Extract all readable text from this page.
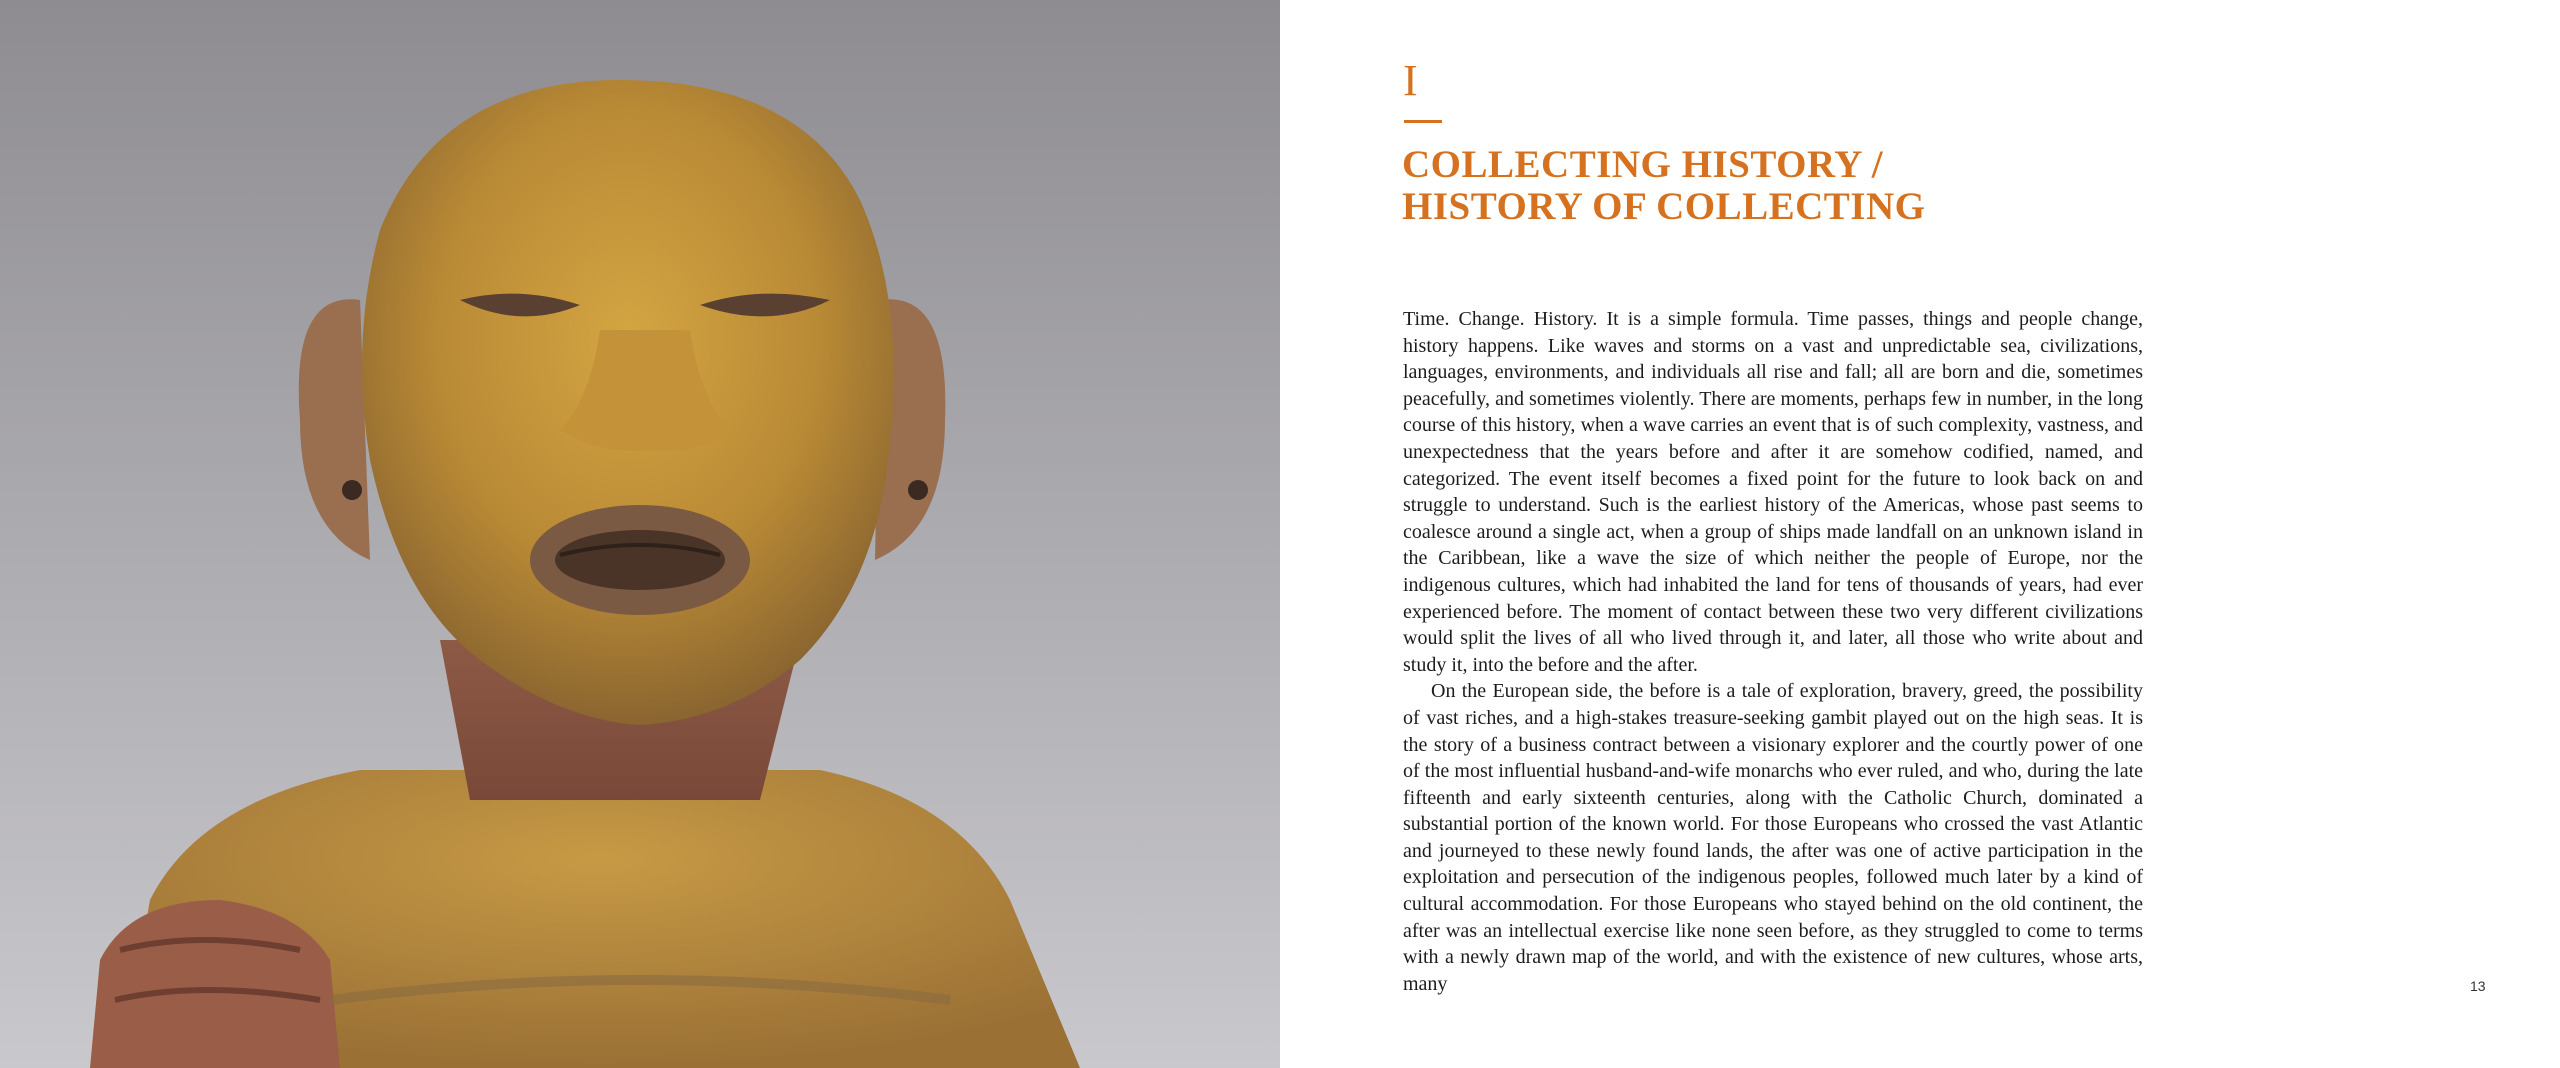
I
COLLECTING HISTORY /
HISTORY OF COLLECTING

Time. Change. History. It is a simple formula. Time passes, things and people change, history happens. Like waves and storms on a vast and unpredictable sea, civilizations, languages, environments, and individuals all rise and fall; all are born and die, sometimes peacefully, and sometimes violently. There are moments, perhaps few in number, in the long course of this history, when a wave carries an event that is of such complexity, vastness, and unexpectedness that the years before and after it are somehow codified, named, and categorized. The event itself becomes a fixed point for the future to look back on and struggle to understand. Such is the earliest history of the Americas, whose past seems to coalesce around a single act, when a group of ships made landfall on an unknown island in the Caribbean, like a wave the size of which neither the people of Europe, nor the indigenous cultures, which had inhabited the land for tens of thousands of years, had ever experienced before. The moment of contact between these two very different civilizations would split the lives of all who lived through it, and later, all those who write about and study it, into the before and the after.

On the European side, the before is a tale of exploration, bravery, greed, the possibility of vast riches, and a high-stakes treasure-seeking gambit played out on the high seas. It is the story of a business contract between a visionary explorer and the courtly power of one of the most influential husband-and-wife monarchs who ever ruled, and who, during the late fifteenth and early sixteenth centuries, along with the Catholic Church, dominated a substantial portion of the known world. For those Europeans who crossed the vast Atlantic and journeyed to these newly found lands, the after was one of active participation in the exploitation and persecution of the indigenous peoples, followed much later by a kind of cultural accommodation. For those Europeans who stayed behind on the old continent, the after was an intellectual exercise like none seen before, as they struggled to come to terms with a newly drawn map of the world, and with the existence of new cultures, whose arts, many	13
